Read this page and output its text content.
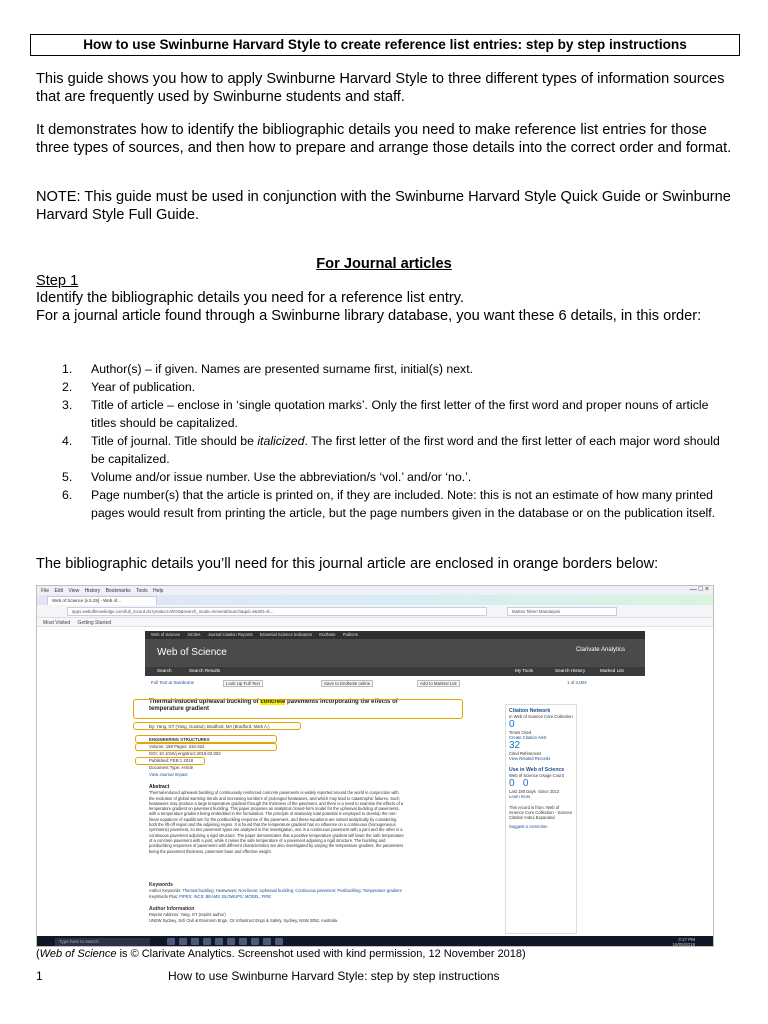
How to use Swinburne Harvard Style to create reference list entries: step by step instructions

This guide shows you how to apply Swinburne Harvard Style to three different types of information sources that are frequently used by Swinburne students and staff.

It demonstrates how to identify the bibliographic details you need to make reference list entries for those three types of sources, and then how to prepare and arrange those details into the correct order and format.

NOTE: This guide must be used in conjunction with the Swinburne Harvard Style Quick Guide or Swinburne Harvard Style Full Guide.

For Journal articles
Step 1
Identify the bibliographic details you need for a reference list entry.
For a journal article found through a Swinburne library database, you want these 6 details, in this order:
1. Author(s) – if given. Names are presented surname first, initial(s) next.
2. Year of publication.
3. Title of article – enclose in ‘single quotation marks’. Only the first letter of the first word and proper nouns of article titles should be capitalized.
4. Title of journal. Title should be italicized. The first letter of the first word and the first letter of each major word should be capitalized.
5. Volume and/or issue number. Use the abbreviation/s ‘vol.’ and/or ‘no.’.
6. Page number(s) that the article is printed on, if they are included. Note: this is not an estimate of how many printed pages would result from printing the article, but the page numbers given in the database or on the publication itself.
The bibliographic details you’ll need for this journal article are enclosed in orange borders below:
File Edit View History Bookmarks Tools Help	— □ ×
Web of Science [v.5.29] - Web of...
apps.webofknowledge.com/full_record.do?product=WOS&search_mode=GeneralSearch&qid=4&SID=E...	Mahsa Taheri Mandarjani
Most Visited Getting Started
Web of Science InCites Journal Citation Reports Essential Science Indicators EndNote Publons
Web of Science	Clarivate Analytics
Search	Search Results	My Tools	Search History	Marked List
Full Text at Swinburne	Look Up Full Text	Save to EndNote online	Add to Marked List	1 of 4,003
Thermal-induced upheaval buckling of concrete pavements incorporating the effects of temperature gradient
By: Yang, GT (Yang, Guotao); Bradford, MA (Bradford, Mark A.)
ENGINEERING STRUCTURES
Volume: 158 Pages: 316-324
DOI: 10.1016/j.engstruct.2018.02.002
Published: FEB 1 2018
Document Type: Article
View Journal Impact
Abstract
Thermal-induced upheaval buckling of continuously reinforced concrete pavements is widely reported around the world in conjunction with the evolution of global warming trends and increasing numbers of prolonged heatwaves, and which may lead to catastrophic failures. Such heatwaves may produce a large temperature gradient through the thickness of the pavement, and there is a need to examine the effects of a temperature gradient on pavement buckling. This paper proposes an analytical closed-form model for the upheaval buckling of pavements, with a temperature gradient being embedded in the formulation. The principle of stationary total potential is employed to develop the non-linear equations of equilibrium for the postbuckling response of the pavement, and these equations are solved analytically by considering both the lift-off region and the adjoining region. It is found that the temperature gradient has no influence on a continuous (homogeneous symmetric) pavement, so two pavement types are analysed in this investigation, one is a continuous pavement with a joint and the other is a continuous pavement adjoining a rigid structure. The paper demonstrates that a positive temperature gradient will lower the safe temperature of a concrete pavement with a joint, while it raises the safe temperature of a pavement adjoining a rigid structure. The buckling and postbuckling responses of pavements with different characteristics are also investigated by varying the temperature gradient, the parameters being the pavement thickness, pavement base and effective weight.
Keywords
Author Keywords: Thermal buckling; Heatwaves; Non-linear; Upheaval buckling; Continuous pavement; Postbuckling; Temperature gradient
KeyWords Plus: PIPES; INCS; BEAMS; BLOWUPS; MODEL; FIRE
Author Information
Reprint Address: Yang, GT (reprint author)
UNSW Sydney, Sch Civil & Environm Engn, Ctr Infrastruct Engn & Safety, Sydney, NSW 2052, Australia.
Citation Network
In Web of Science Core Collection
0
Times Cited
Create Citation Alert
32
Cited References
View Related Records
Use in Web of Science
Web of Science Usage Count
0 0
Last 180 Days Since 2013
Learn more
This record is from: Web of Science Core Collection - Science Citation Index Expanded
Suggest a correction
Type here to search	3:17 PM
16/05/2018
(Web of Science is © Clarivate Analytics. Screenshot used with kind permission, 12 November 2018)
1	How to use Swinburne Harvard Style: step by step instructions
